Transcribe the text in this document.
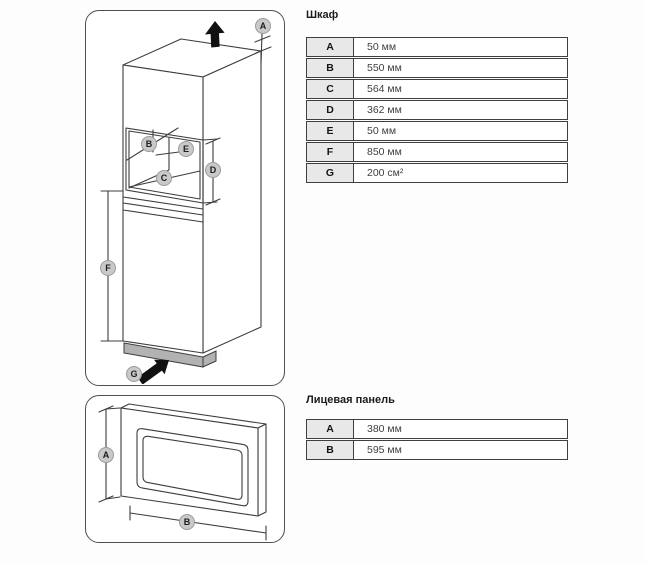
A
B	E
C
D
F
G
A
B
Шкаф
A	50 мм
B	550 мм
C	564 мм
D	362 мм
E	50 мм
F	850 мм
G	200 см²
Лицевая панель
A	380 мм
B	595 мм
